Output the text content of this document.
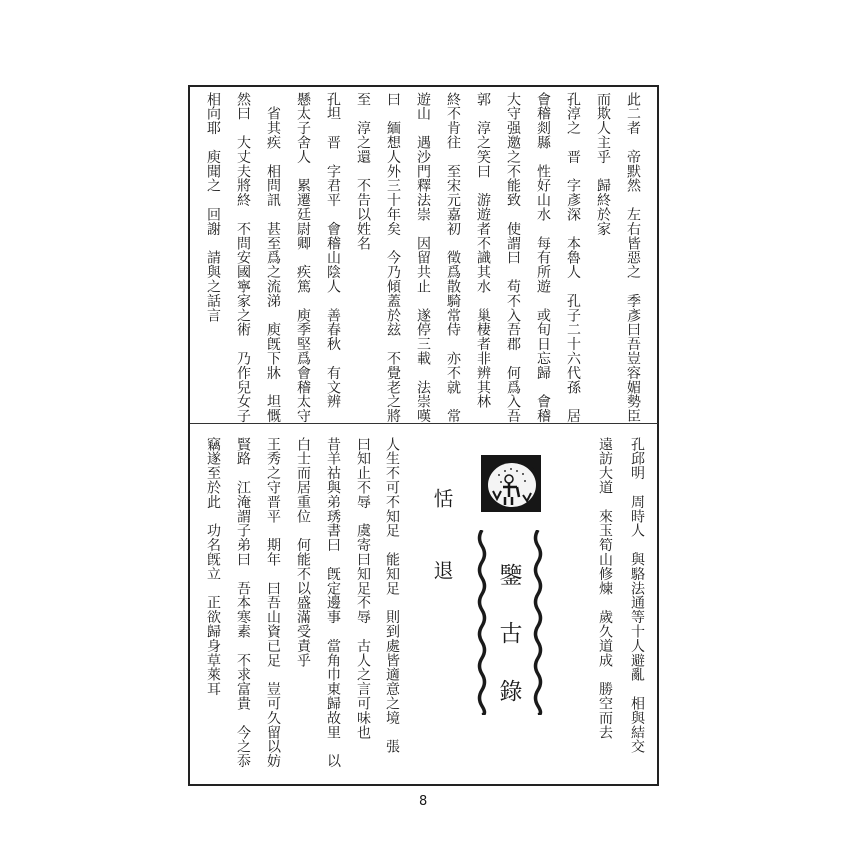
此二者　帝默然　左右皆惡之　季彥曰吾豈容媚勢臣
而欺人主乎　歸終於家
孔淳之　晋　字彥深　本魯人　孔子二十六代孫　居
會稽剡縣　性好山水　每有所遊　或旬日忘歸　會稽
大守强邀之不能致　使謂曰　苟不入吾郡　何爲入吾
郭　淳之笑曰　游遊者不識其水　巢棲者非辨其林
終不肯往　至宋元嘉初　徵爲散騎常侍　亦不就　常
遊山　遇沙門釋法崇　因留共止　遂停三載　法崇嘆
曰　緬想人外三十年矣　今乃傾蓋於玆　不覺老之將
至　淳之還　不告以姓名
孔坦　晋　字君平　會稽山陰人　善春秋　有文辨
懸太子舍人　累遷廷尉卿　疾篤　庾季堅爲會稽太守
　省其疾　相問訊　甚至爲之流涕　庾旣下牀　坦慨
然曰　大丈夫將終　不問安國寧家之術　乃作兒女子
相向耶　庾聞之　回謝　請與之話言
孔邱明　周時人　與駱法通等十人避亂　相與結交
遠訪大道　來玉筍山修煉　歲久道成　勝空而去
鑒
古
錄
恬退
人生不可不知足　能知足　則到處皆適意之境　張
曰知止不辱　虞寄曰知足不辱　古人之言可味也
昔羊祜與弟琇書曰　旣定邊事　當角巾東歸故里　以
白士而居重位　何能不以盛滿受責乎
王秀之守晋平　期年　曰吾山資已足　豈可久留以妨
賢路　江淹謂子弟曰　吾本寒素　不求富貴　今之忝
竊遂至於此　功名旣立　正欲歸身草萊耳
8
